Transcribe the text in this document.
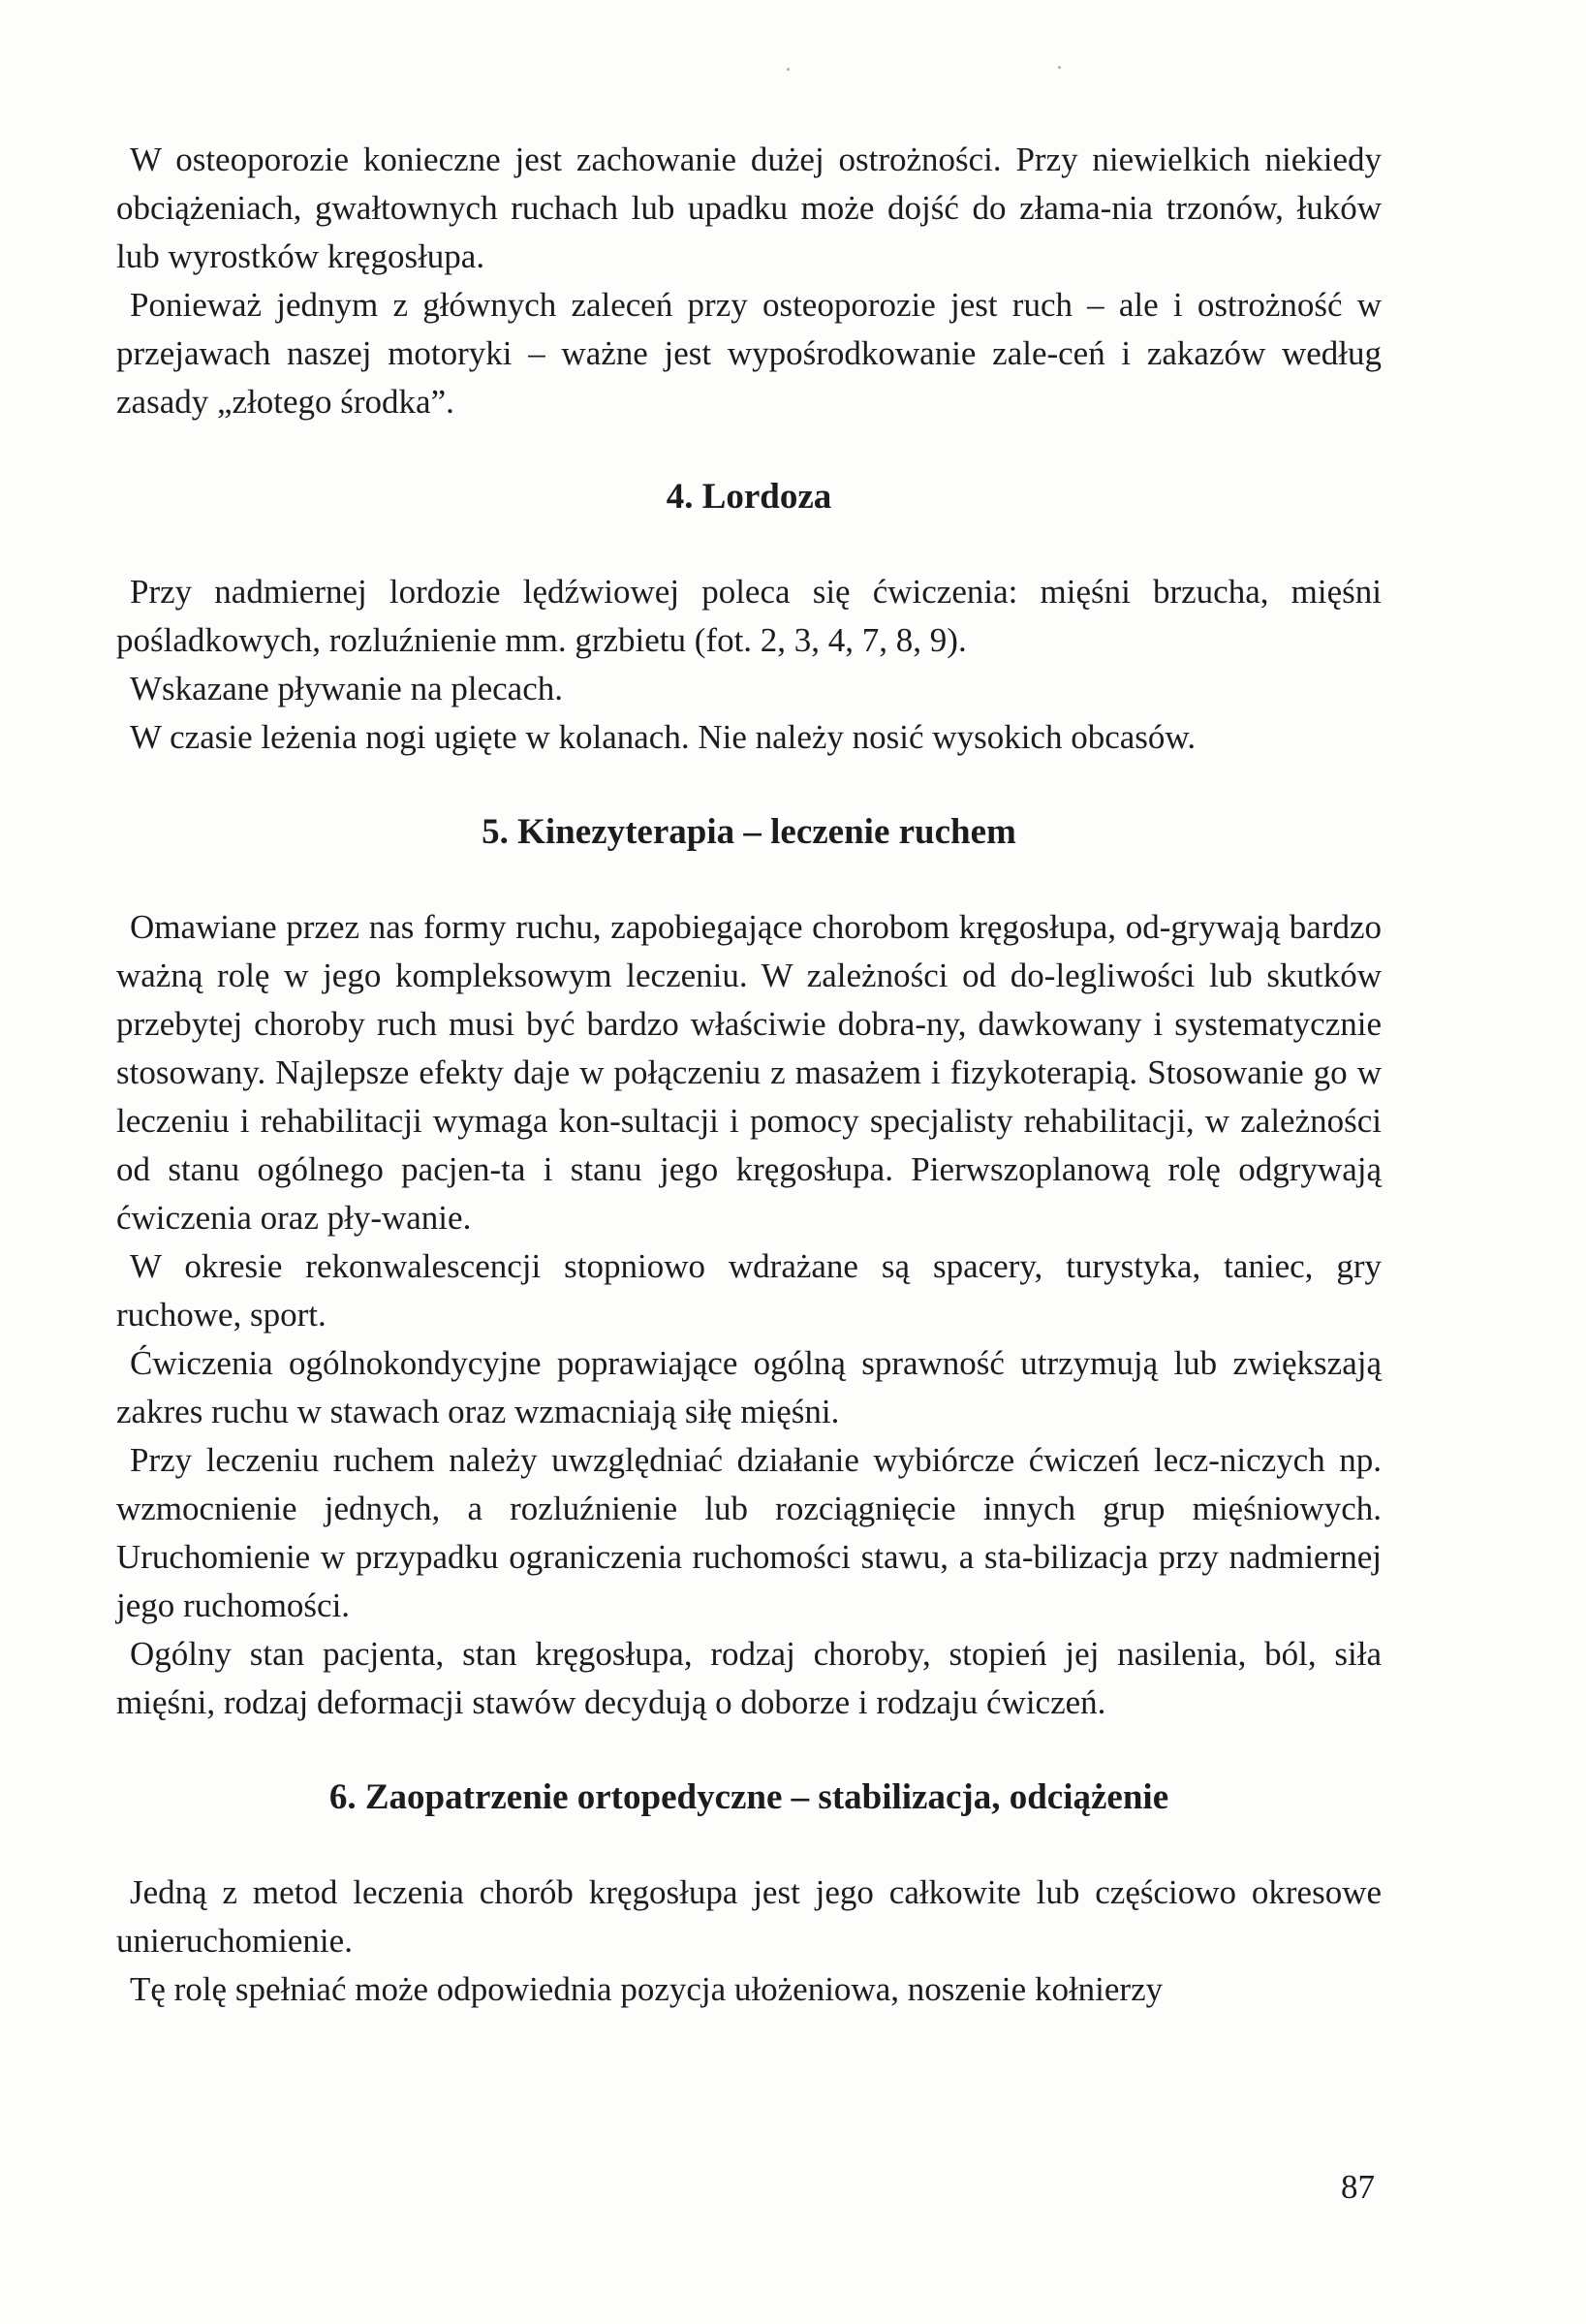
W osteoporozie konieczne jest zachowanie dużej ostrożności. Przy niewielkich niekiedy obciążeniach, gwałtownych ruchach lub upadku może dojść do złama-nia trzonów, łuków lub wyrostków kręgosłupa.

Ponieważ jednym z głównych zaleceń przy osteoporozie jest ruch – ale i ostrożność w przejawach naszej motoryki – ważne jest wypośrodkowanie zale-ceń i zakazów według zasady „złotego środka”.

4. Lordoza

Przy nadmiernej lordozie lędźwiowej poleca się ćwiczenia: mięśni brzucha, mięśni pośladkowych, rozluźnienie mm. grzbietu (fot. 2, 3, 4, 7, 8, 9).

Wskazane pływanie na plecach.

W czasie leżenia nogi ugięte w kolanach. Nie należy nosić wysokich obcasów.

5. Kinezyterapia – leczenie ruchem

Omawiane przez nas formy ruchu, zapobiegające chorobom kręgosłupa, od-grywają bardzo ważną rolę w jego kompleksowym leczeniu. W zależności od do-legliwości lub skutków przebytej choroby ruch musi być bardzo właściwie dobra-ny, dawkowany i systematycznie stosowany. Najlepsze efekty daje w połączeniu z masażem i fizykoterapią. Stosowanie go w leczeniu i rehabilitacji wymaga kon-sultacji i pomocy specjalisty rehabilitacji, w zależności od stanu ogólnego pacjen-ta i stanu jego kręgosłupa. Pierwszoplanową rolę odgrywają ćwiczenia oraz pły-wanie.

W okresie rekonwalescencji stopniowo wdrażane są spacery, turystyka, taniec, gry ruchowe, sport.

Ćwiczenia ogólnokondycyjne poprawiające ogólną sprawność utrzymują lub zwiększają zakres ruchu w stawach oraz wzmacniają siłę mięśni.

Przy leczeniu ruchem należy uwzględniać działanie wybiórcze ćwiczeń lecz-niczych np. wzmocnienie jednych, a rozluźnienie lub rozciągnięcie innych grup mięśniowych. Uruchomienie w przypadku ograniczenia ruchomości stawu, a sta-bilizacja przy nadmiernej jego ruchomości.

Ogólny stan pacjenta, stan kręgosłupa, rodzaj choroby, stopień jej nasilenia, ból, siła mięśni, rodzaj deformacji stawów decydują o doborze i rodzaju ćwiczeń.

6. Zaopatrzenie ortopedyczne – stabilizacja, odciążenie

Jedną z metod leczenia chorób kręgosłupa jest jego całkowite lub częściowo okresowe unieruchomienie.

Tę rolę spełniać może odpowiednia pozycja ułożeniowa, noszenie kołnierzy

87
